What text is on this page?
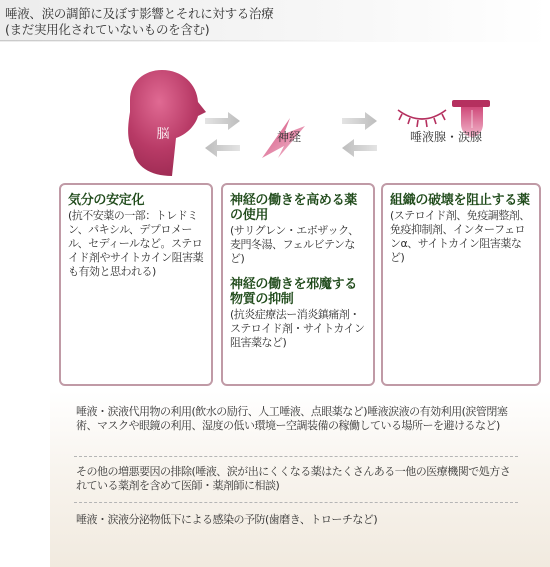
唾液、涙の調節に及ぼす影響とそれに対する治療
(まだ実用化されていないものを含む)
脳	神経	唾液腺・涙腺
気分の安定化
(抗不安薬の一部：トレドミン、パキシル、デプロメール、セディールなど。ステロイド剤やサイトカイン阻害薬も有効と思われる)
神経の働きを高める薬の使用
(サリグレン・エボザック、麦門冬湯、フェルビテンなど)
神経の働きを邪魔する物質の抑制
(抗炎症療法ー消炎鎮痛剤・ステロイド剤・サイトカイン阻害薬など)
組織の破壊を阻止する薬
(ステロイド剤、免疫調整剤、免疫抑制剤、インターフェロンα、サイトカイン阻害薬など)
唾液・涙液代用物の利用(飲水の励行、人工唾液、点眼薬など)唾液涙液の有効利用(涙管閉塞術、マスクや眼鏡の利用、湿度の低い環境ー空調装備の稼働している場所ーを避けるなど)
その他の増悪要因の排除(唾液、涙が出にくくなる薬はたくさんある一他の医療機関で処方されている薬剤を含めて医師・薬剤師に相談)
唾液・涙液分泌物低下による感染の予防(歯磨き、トローチなど)
